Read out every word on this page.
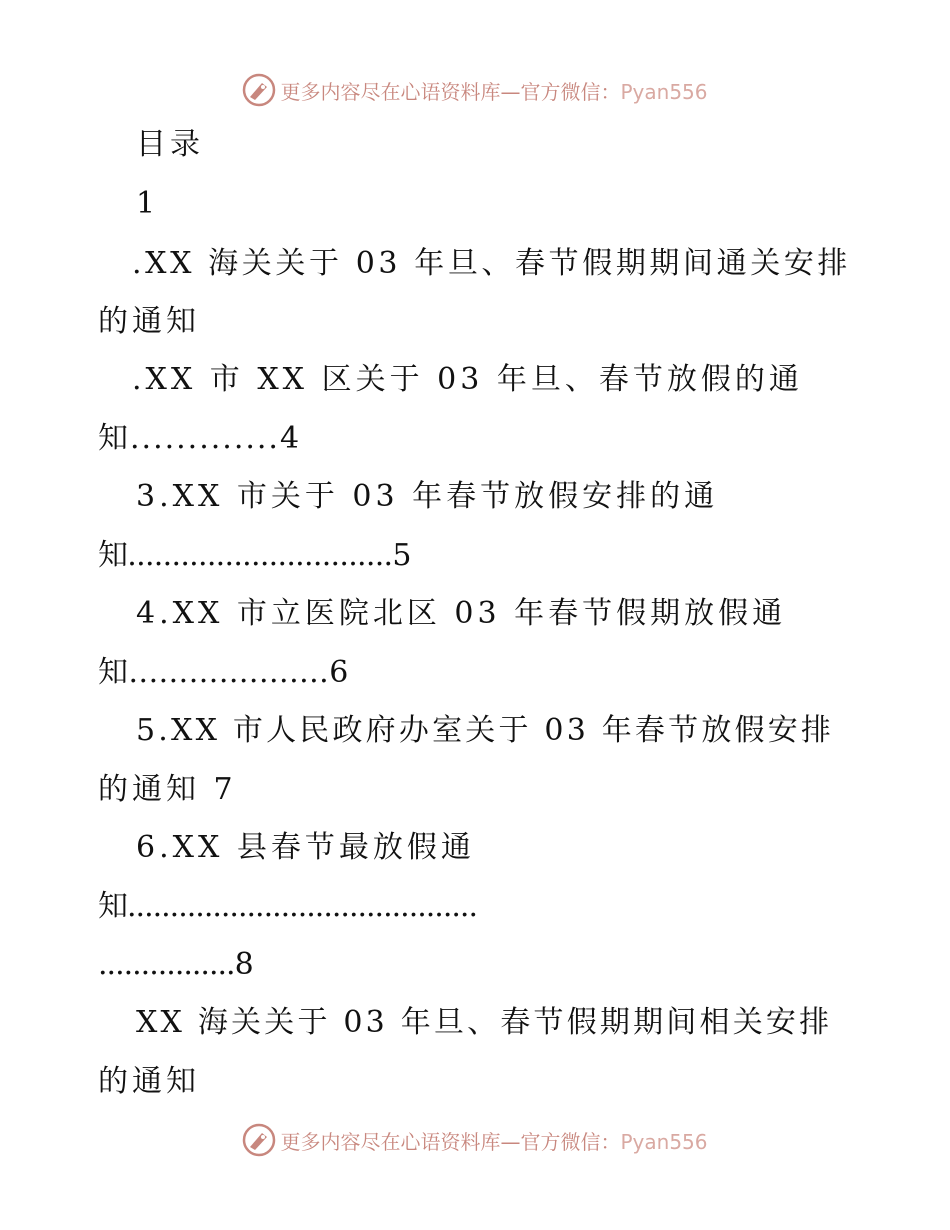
更多内容尽在心语资料库—官方微信：Pyan556
目录
1
.XX 海关关于 03 年旦、春节假期期间通关安排
的通知
.XX 市 XX 区关于 03 年旦、春节放假的通
知.............4
3.XX 市关于 03 年春节放假安排的通
知..............................5
4.XX 市立医院北区 03 年春节假期放假通
知....................6
5.XX 市人民政府办室关于 03 年春节放假安排
的通知 7
6.XX 县春节最放假通
知.........................................
................8
XX 海关关于 03 年旦、春节假期期间相关安排
的通知
更多内容尽在心语资料库—官方微信：Pyan556
